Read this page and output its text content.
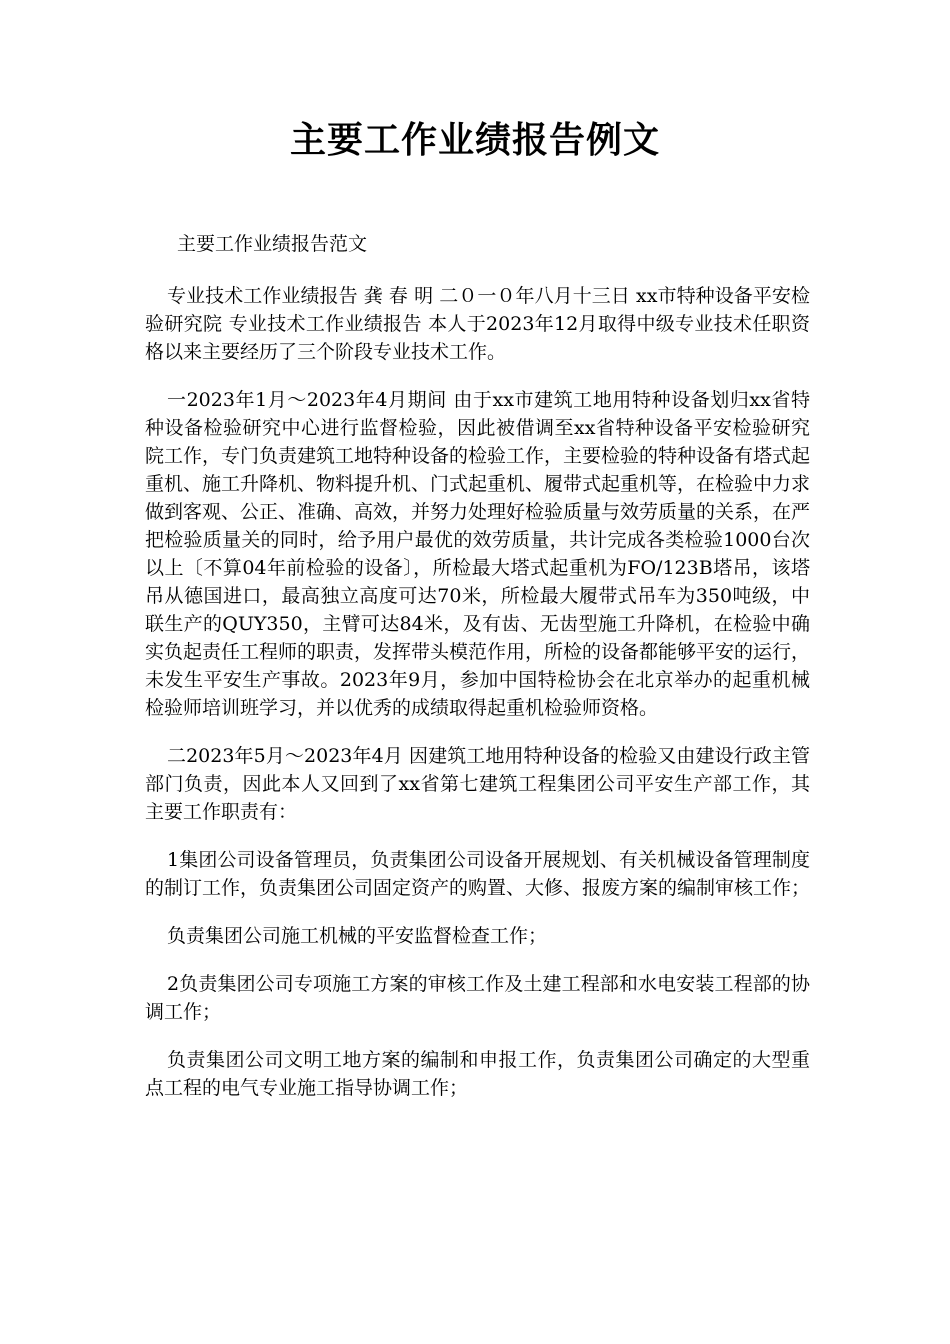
主要工作业绩报告例文

主要工作业绩报告范文

专业技术工作业绩报告 龚 春 明 二０一０年八月十三日 xx市特种设备平安检验研究院 专业技术工作业绩报告 本人于2023年12月取得中级专业技术任职资格以来主要经历了三个阶段专业技术工作。

一2023年1月～2023年4月期间 由于xx市建筑工地用特种设备划归xx省特种设备检验研究中心进行监督检验，因此被借调至xx省特种设备平安检验研究院工作，专门负责建筑工地特种设备的检验工作，主要检验的特种设备有塔式起重机、施工升降机、物料提升机、门式起重机、履带式起重机等，在检验中力求做到客观、公正、准确、高效，并努力处理好检验质量与效劳质量的关系，在严把检验质量关的同时，给予用户最优的效劳质量，共计完成各类检验1000台次以上〔不算04年前检验的设备〕，所检最大塔式起重机为FO/123B塔吊，该塔吊从德国进口，最高独立高度可达70米，所检最大履带式吊车为350吨级，中联生产的QUY350，主臂可达84米，及有齿、无齿型施工升降机，在检验中确实负起责任工程师的职责，发挥带头模范作用，所检的设备都能够平安的运行，未发生平安生产事故。2023年9月，参加中国特检协会在北京举办的起重机械检验师培训班学习，并以优秀的成绩取得起重机检验师资格。

二2023年5月～2023年4月 因建筑工地用特种设备的检验又由建设行政主管部门负责，因此本人又回到了xx省第七建筑工程集团公司平安生产部工作，其主要工作职责有：

1集团公司设备管理员，负责集团公司设备开展规划、有关机械设备管理制度的制订工作，负责集团公司固定资产的购置、大修、报废方案的编制审核工作；

负责集团公司施工机械的平安监督检查工作；

2负责集团公司专项施工方案的审核工作及土建工程部和水电安装工程部的协调工作；

负责集团公司文明工地方案的编制和申报工作，负责集团公司确定的大型重点工程的电气专业施工指导协调工作；
